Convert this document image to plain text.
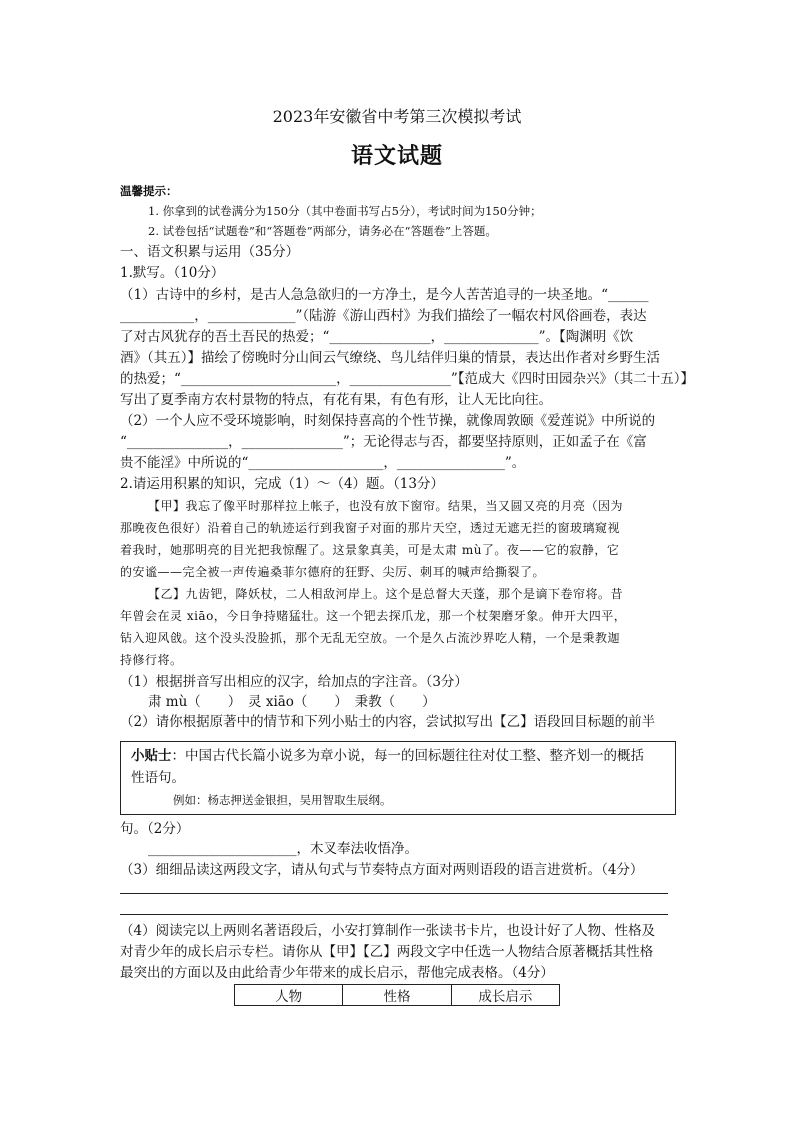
2023年安徽省中考第三次模拟考试
语文试题
温馨提示：
1. 你拿到的试卷满分为150分（其中卷面书写占5分），考试时间为150分钟；
2. 试卷包括“试题卷”和“答题卷”两部分，请务必在“答题卷”上答题。
一、语文积累与运用（35分）
1.默写。（10分）
（1）古诗中的乡村，是古人急急欲归的一方净土，是今人苦苦追寻的一块圣地。“______
___________，_____________”（陆游《游山西村》为我们描绘了一幅农村风俗画卷，表达
了对古风犹存的吾土吾民的热爱；“_______________，______________”。【陶渊明《饮
酒》（其五）】描绘了傍晚时分山间云气缭绕、鸟儿结伴归巢的情景，表达出作者对乡野生活
的热爱；“_______________________，_______________”【范成大《四时田园杂兴》（其二十五）】
写出了夏季南方农村景物的特点，有花有果，有色有形，让人无比向往。
（2）一个人应不受环境影响，时刻保持喜高的个性节操，就像周敦颐《爱莲说》中所说的
“_______________，_______________”；无论得志与否，都要坚持原则，正如孟子在《富
贵不能淫》中所说的“____________________，________________”。
2.请运用积累的知识，完成（1）～（4）题。（13分）
【甲】我忘了像平时那样拉上帐子，也没有放下窗帘。结果，当又圆又亮的月亮（因为
那晚夜色很好）沿着自己的轨迹运行到我窗子对面的那片天空，透过无遮无拦的窗玻璃窥视
着我时，她那明亮的目光把我惊醒了。这景象真美，可是太肃 mù了。夜——它的寂静，它
的安谧——完全被一声传遍桑菲尔德府的狂野、尖厉、刺耳的喊声给撕裂了。
【乙】九齿钯，降妖杖，二人相敌河岸上。这个是总督大天蓬，那个是谪下卷帘将。昔
年曾会在灵 xiāo，今日争持赌猛壮。这一个钯去探爪龙，那一个杖架磨牙象。伸开大四平，
钻入迎风戗。这个没头没脸抓，那个无乱无空放。一个是久占流沙界吃人精，一个是秉教迦
持修行将。
（1）根据拼音写出相应的汉字，给加点的字注音。（3分）
肃 mù（　　）　灵 xiāo（　　）　秉教（　　）
（2）请你根据原著中的情节和下列小贴士的内容，尝试拟写出【乙】语段回目标题的前半
小贴士：中国古代长篇小说多为章小说，每一的回标题往往对仗工整、整齐划一的概括
性语句。
例如：杨志押送金银担，吴用智取生辰纲。
句。（2分）
______________________，木叉奉法收悟净。
（3）细细品读这两段文字，请从句式与节奏特点方面对两则语段的语言进赏析。（4分）
（4）阅读完以上两则名著语段后，小安打算制作一张读书卡片，也设计好了人物、性格及
对青少年的成长启示专栏。请你从【甲】【乙】两段文字中任选一人物结合原著概括其性格
最突出的方面以及由此给青少年带来的成长启示，帮他完成表格。（4分）
人物	性格	成长启示
